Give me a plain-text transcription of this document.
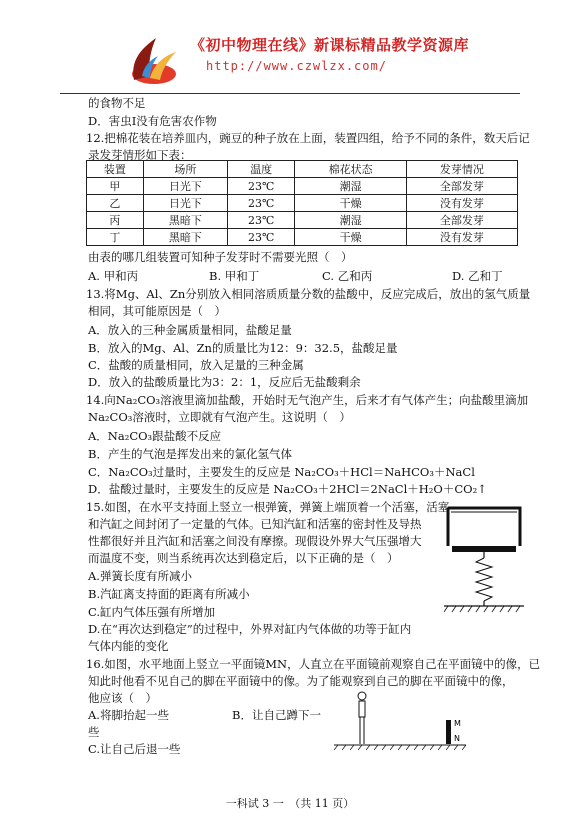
《初中物理在线》新课标精品教学资源库
http://www.czwlzx.com/
的食物不足
D．害虫Ⅰ没有危害农作物
12.把棉花装在培养皿内，豌豆的种子放在上面，装置四组，给予不同的条件，数天后记
录发芽情形如下表：
装置	场所	温度	棉花状态	发芽情况
甲	日光下	23℃	潮湿	全部发芽
乙	日光下	23℃	干燥	没有发芽
丙	黑暗下	23℃	潮湿	全部发芽
丁	黑暗下	23℃	干燥	没有发芽
由表的哪几组装置可知种子发芽时不需要光照（　）
A. 甲和丙	B. 甲和丁	C. 乙和丙	D. 乙和丁
13.将Mg、Al、Zn分别放入相同溶质质量分数的盐酸中，反应完成后，放出的氢气质量
相同，其可能原因是（　）
A．放入的三种金属质量相同，盐酸足量
B．放入的Mg、Al、Zn的质量比为12：9：32.5，盐酸足量
C．盐酸的质量相同，放入足量的三种金属
D．放入的盐酸质量比为3：2：1，反应后无盐酸剩余
14.向Na₂CO₃溶液里滴加盐酸，开始时无气泡产生，后来才有气体产生；向盐酸里滴加
Na₂CO₃溶液时，立即就有气泡产生。这说明（　）
A．Na₂CO₃跟盐酸不反应
B．产生的气泡是挥发出来的氯化氢气体
C．Na₂CO₃过量时，主要发生的反应是 Na₂CO₃＋HCl＝NaHCO₃＋NaCl
D．盐酸过量时，主要发生的反应是 Na₂CO₃＋2HCl＝2NaCl＋H₂O＋CO₂↑
15.如图，在水平支持面上竖立一根弹簧，弹簧上端顶着一个活塞，活塞
和汽缸之间封闭了一定量的气体。已知汽缸和活塞的密封性及导热
性都很好并且汽缸和活塞之间没有摩擦。现假设外界大气压强增大
而温度不变，则当系统再次达到稳定后，以下正确的是（　）
A.弹簧长度有所减小
B.汽缸离支持面的距离有所减小
C.缸内气体压强有所增加
D.在“再次达到稳定”的过程中，外界对缸内气体做的功等于缸内
气体内能的变化
16.如图，水平地面上竖立一平面镜MN，人直立在平面镜前观察自己在平面镜中的像，已
知此时他看不见自己的脚在平面镜中的像。为了能观察到自己的脚在平面镜中的像，
他应该（　）
A.将脚抬起一些	B．让自己蹲下一
些
C.让自己后退一些
M
N
一科试 3 一　（共 11 页）
